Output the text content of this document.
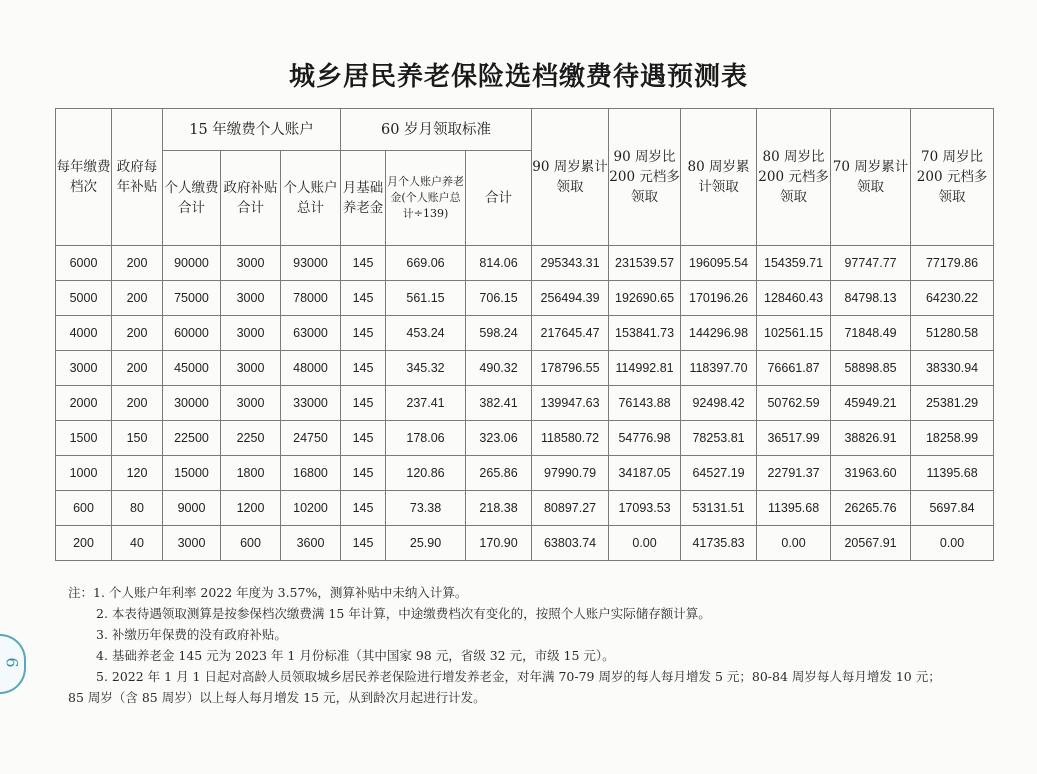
城乡居民养老保险选档缴费待遇预测表
每年缴费档次	政府每年补贴	15 年缴费个人账户			60 岁月领取标准			90 周岁累计领取	90 周岁比 200 元档多领取	80 周岁累计领取	80 周岁比 200 元档多领取	70 周岁累计领取	70 周岁比 200 元档多领取
		个人缴费合计	政府补贴合计	个人账户总计	月基础养老金	月个人账户养老金(个人账户总计÷139)	合计						
6000	200	90000	3000	93000	145	669.06	814.06	295343.31	231539.57	196095.54	154359.71	97747.77	77179.86
5000	200	75000	3000	78000	145	561.15	706.15	256494.39	192690.65	170196.26	128460.43	84798.13	64230.22
4000	200	60000	3000	63000	145	453.24	598.24	217645.47	153841.73	144296.98	102561.15	71848.49	51280.58
3000	200	45000	3000	48000	145	345.32	490.32	178796.55	114992.81	118397.70	76661.87	58898.85	38330.94
2000	200	30000	3000	33000	145	237.41	382.41	139947.63	76143.88	92498.42	50762.59	45949.21	25381.29
1500	150	22500	2250	24750	145	178.06	323.06	118580.72	54776.98	78253.81	36517.99	38826.91	18258.99
1000	120	15000	1800	16800	145	120.86	265.86	97990.79	34187.05	64527.19	22791.37	31963.60	11395.68
600	80	9000	1200	10200	145	73.38	218.38	80897.27	17093.53	53131.51	11395.68	26265.76	5697.84
200	40	3000	600	3600	145	25.90	170.90	63803.74	0.00	41735.83	0.00	20567.91	0.00
注：1. 个人账户年利率 2022 年度为 3.57%，测算补贴中未纳入计算。
2. 本表待遇领取测算是按参保档次缴费满 15 年计算，中途缴费档次有变化的，按照个人账户实际储存额计算。
3. 补缴历年保费的没有政府补贴。
4. 基础养老金 145 元为 2023 年 1 月份标准（其中国家 98 元，省级 32 元，市级 15 元）。
5. 2022 年 1 月 1 日起对高龄人员领取城乡居民养老保险进行增发养老金，对年满 70-79 周岁的每人每月增发 5 元；80-84 周岁每人每月增发 10 元；
85 周岁（含 85 周岁）以上每人每月增发 15 元，从到龄次月起进行计发。
6
